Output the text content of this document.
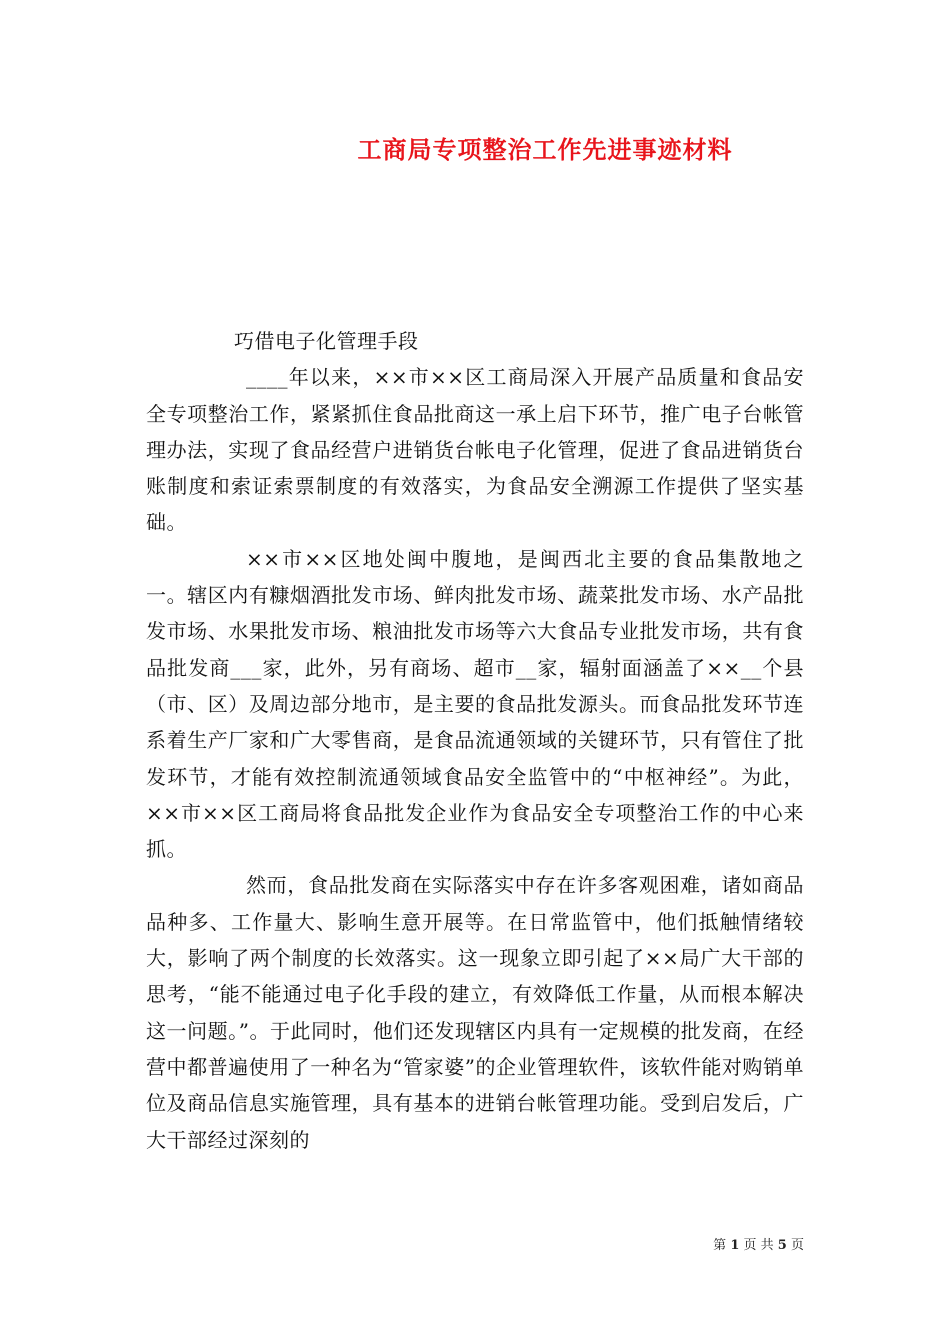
工商局专项整治工作先进事迹材料

巧借电子化管理手段

____年以来，××市××区工商局深入开展产品质量和食品安全专项整治工作，紧紧抓住食品批商这一承上启下环节，推广电子台帐管理办法，实现了食品经营户进销货台帐电子化管理，促进了食品进销货台账制度和索证索票制度的有效落实，为食品安全溯源工作提供了坚实基础。

××市××区地处闽中腹地，是闽西北主要的食品集散地之一。辖区内有糠烟酒批发市场、鲜肉批发市场、蔬菜批发市场、水产品批发市场、水果批发市场、粮油批发市场等六大食品专业批发市场，共有食品批发商___家，此外，另有商场、超市__家，辐射面涵盖了××__个县（市、区）及周边部分地市，是主要的食品批发源头。而食品批发环节连系着生产厂家和广大零售商，是食品流通领域的关键环节，只有管住了批发环节，才能有效控制流通领域食品安全监管中的“中枢神经”。为此，××市××区工商局将食品批发企业作为食品安全专项整治工作的中心来抓。

然而，食品批发商在实际落实中存在许多客观困难，诸如商品品种多、工作量大、影响生意开展等。在日常监管中，他们抵触情绪较大，影响了两个制度的长效落实。这一现象立即引起了××局广大干部的思考，“能不能通过电子化手段的建立，有效降低工作量，从而根本解决这一问题。”。于此同时，他们还发现辖区内具有一定规模的批发商，在经营中都普遍使用了一种名为“管家婆”的企业管理软件，该软件能对购销单位及商品信息实施管理，具有基本的进销台帐管理功能。受到启发后，广大干部经过深刻的

第 1 页 共 5 页
